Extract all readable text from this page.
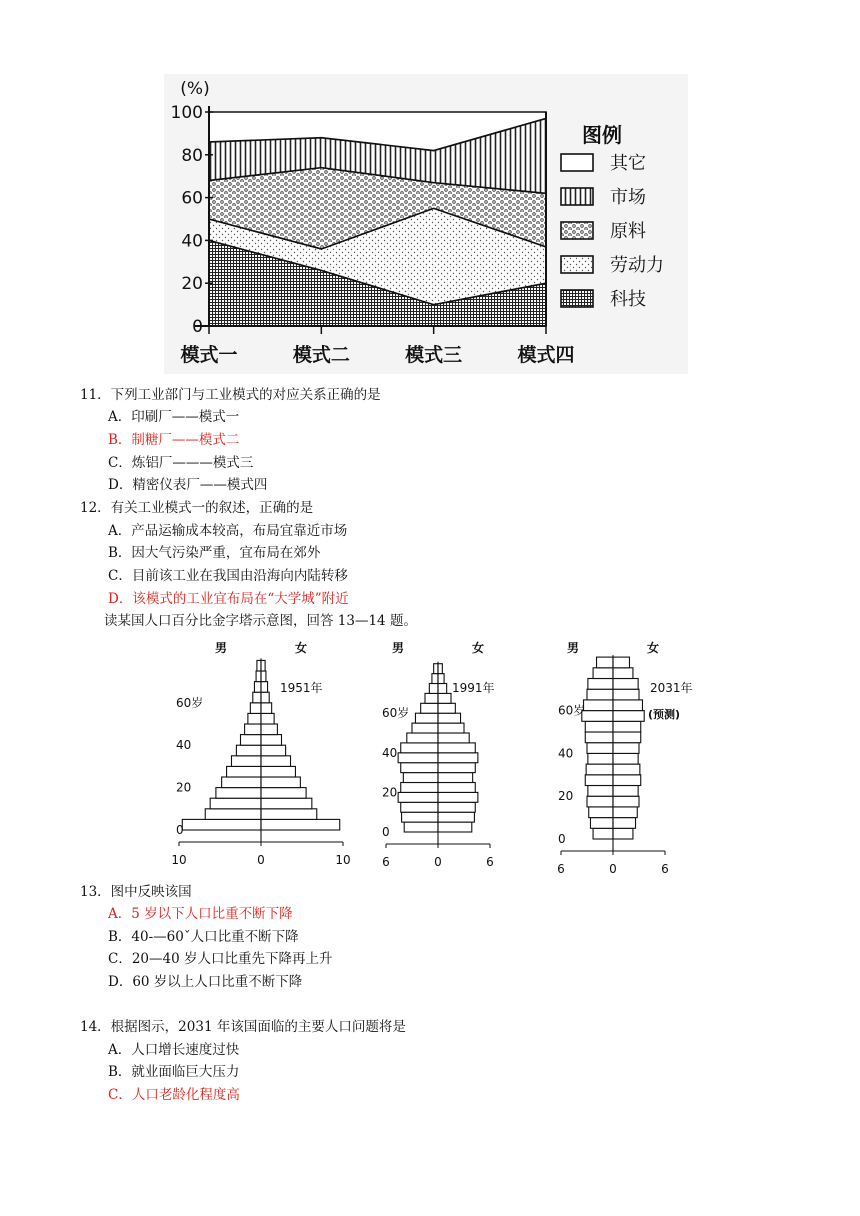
(%)
0
20
40
60
80
100
模式一	模式二	模式三	模式四
图例
其它
市场
原料
劳动力
科技
11．下列工业部门与工业模式的对应关系正确的是
A．印刷厂——模式一
B．制糖厂——模式二
C．炼铝厂———模式三
D．精密仪表厂——模式四
12．有关工业模式一的叙述，正确的是
A．产品运输成本较高，布局宜靠近市场
B．因大气污染严重，宜布局在郊外
C．目前该工业在我国由沿海向内陆转移
D．该模式的工业宜布局在“大学城”附近
读某国人口百分比金字塔示意图，回答 13—14 题。
10	0	10
60岁
40
20
0
男	女
1951年
6	0	6
60岁
40
20
0
男	女
1991年
6	0	6
60岁
40
20
0
男	女
2031年
(预测)
13．图中反映该国
A．5 岁以下人口比重不断下降
B．40-—60ˇ人口比重不断下降
C．20—40 岁人口比重先下降再上升
D．60 岁以上人口比重不断下降
14．根据图示，2031 年该国面临的主要人口问题将是
A．人口增长速度过快
B．就业面临巨大压力
C．人口老龄化程度高
